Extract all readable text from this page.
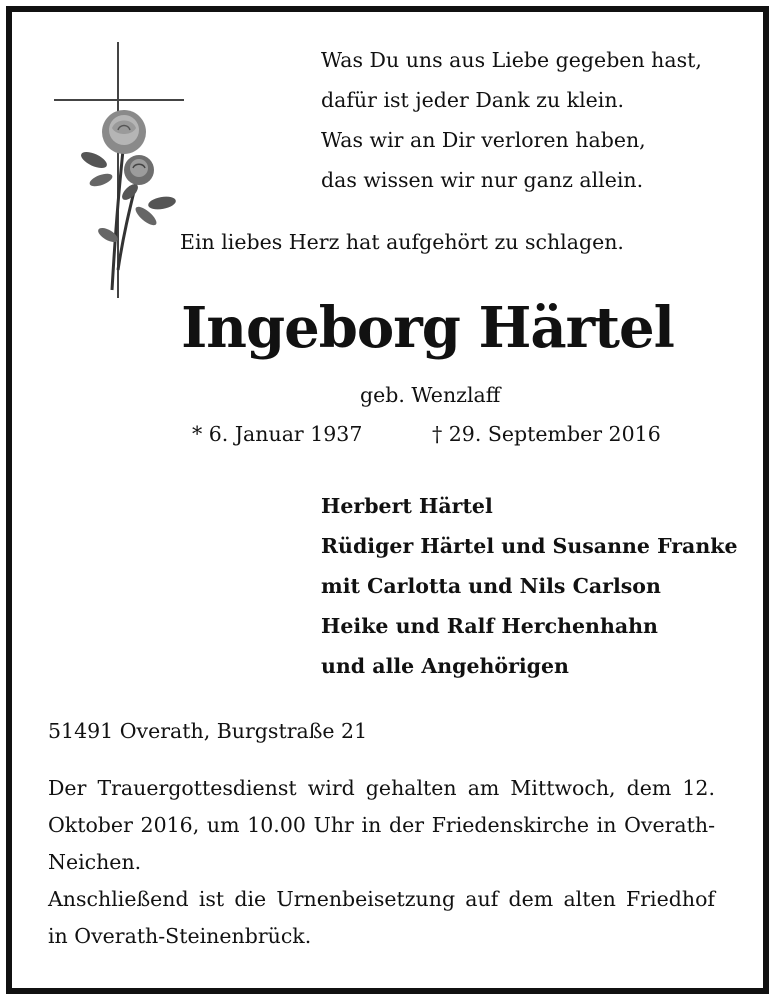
Was Du uns aus Liebe gegeben hast,
dafür ist jeder Dank zu klein.
Was wir an Dir verloren haben,
das wissen wir nur ganz allein.
Ein liebes Herz hat aufgehört zu schlagen.
Ingeborg Härtel
geb. Wenzlaff
* 6. Januar 1937	† 29. September 2016
Herbert Härtel
Rüdiger Härtel und Susanne Franke
mit Carlotta und Nils Carlson
Heike und Ralf Herchenhahn
und alle Angehörigen
51491 Overath, Burgstraße 21

Der Trauergottesdienst wird gehalten am Mittwoch, dem 12. Oktober 2016, um 10.00 Uhr in der Friedenskirche in Overath-Neichen.

Anschließend ist die Urnenbeisetzung auf dem alten Friedhof in Overath-Steinenbrück.
